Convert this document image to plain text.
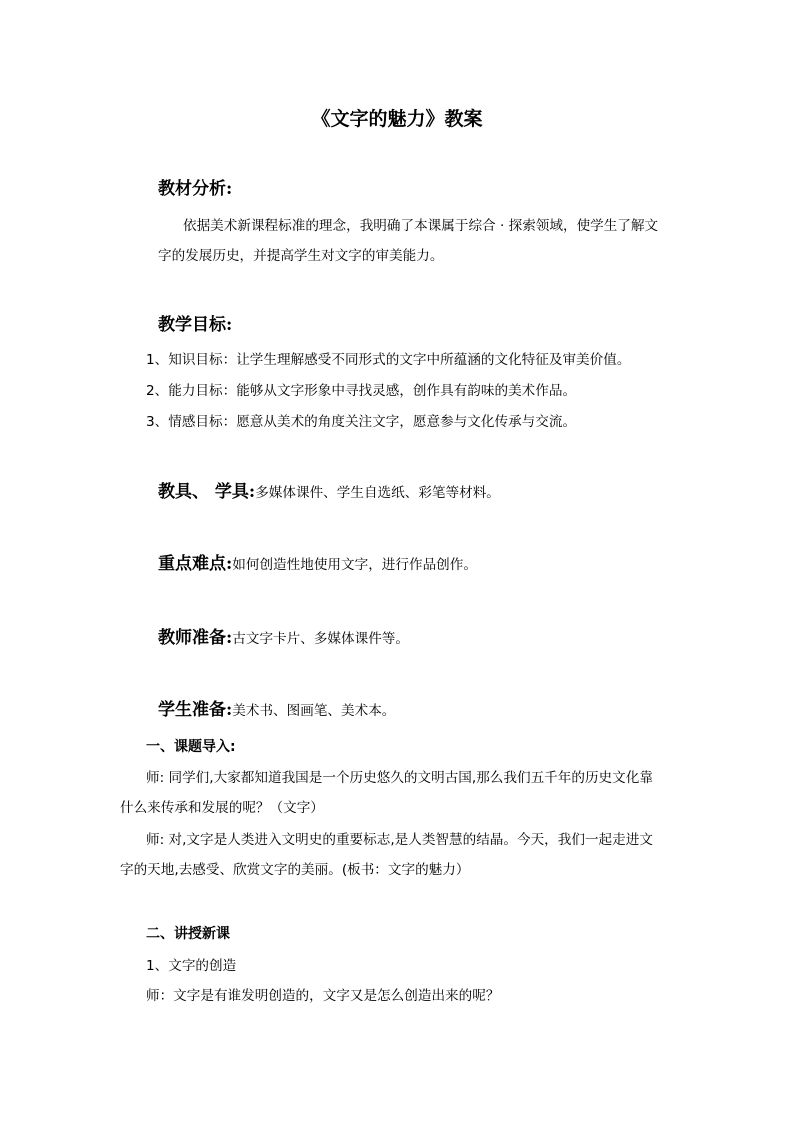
《文字的魅力》教案
教材分析:
依据美术新课程标准的理念，我明确了本课属于综合 · 探索领域，使学生了解文
字的发展历史，并提高学生对文字的审美能力。
教学目标:
1、知识目标：让学生理解感受不同形式的文字中所蕴涵的文化特征及审美价值。
2、能力目标：能够从文字形象中寻找灵感，创作具有韵味的美术作品。
3、情感目标：愿意从美术的角度关注文字，愿意参与文化传承与交流。
教具、 学具: 多媒体课件、学生自选纸、彩笔等材料。
重点难点: 如何创造性地使用文字，进行作品创作。
教师准备: 古文字卡片、多媒体课件等。
学生准备: 美术书、图画笔、美术本。
一、课题导入:
师: 同学们,大家都知道我国是一个历史悠久的文明古国,那么我们五千年的历史文化靠
什么来传承和发展的呢？（文字）
师: 对,文字是人类进入文明史的重要标志,是人类智慧的结晶。今天，我们一起走进文
字的天地,去感受、欣赏文字的美丽。(板书：文字的魅力）
二、讲授新课
1、文字的创造
师：文字是有谁发明创造的，文字又是怎么创造出来的呢？
